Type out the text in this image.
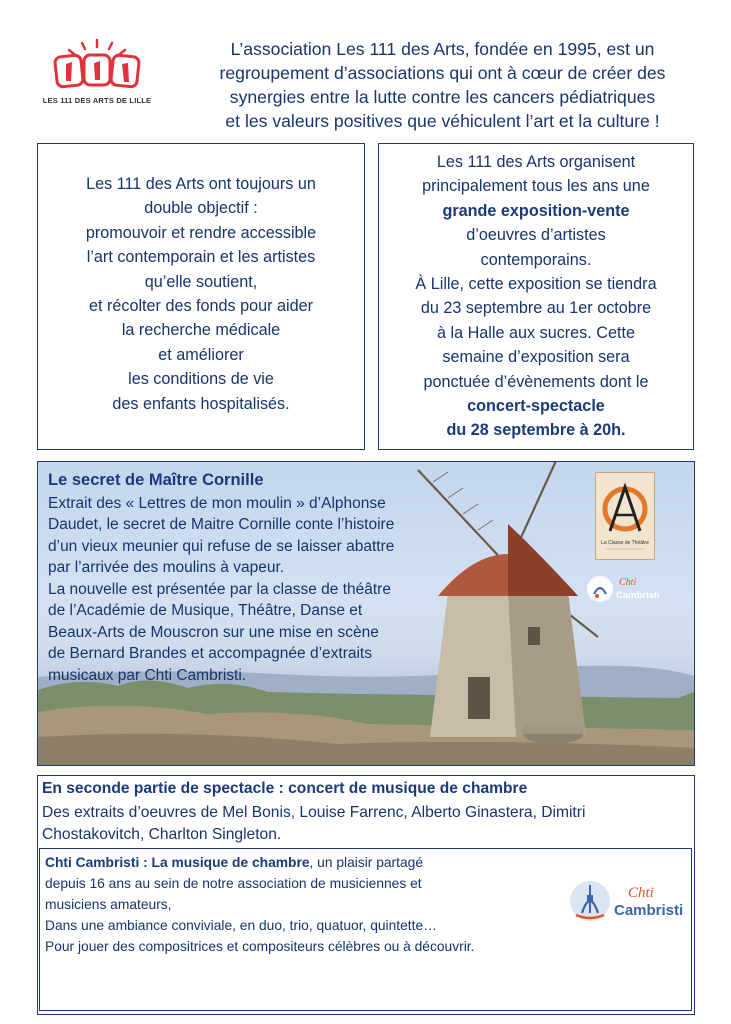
LES 111 DES ARTS DE LILLE
L’association Les 111 des Arts, fondée en 1995, est un
regroupement d’associations qui ont à cœur de créer des
synergies entre la lutte contre les cancers pédiatriques
et les valeurs positives que véhiculent l’art et la culture !
Les 111 des Arts ont toujours un
double objectif :
promouvoir et rendre accessible
l’art contemporain et les artistes
qu’elle soutient,
et récolter des fonds pour aider
la recherche médicale
et améliorer
les conditions de vie
des enfants hospitalisés.
Les 111 des Arts organisent
principalement tous les ans une
grande exposition-vente
d’oeuvres d’artistes
contemporains.
À Lille, cette exposition se tiendra
du 23 septembre au 1er octobre
à la Halle aux sucres. Cette
semaine d’exposition sera
ponctuée d’évènements dont le
concert-spectacle
du 28 septembre à 20h.
Le secret de Maître Cornille
Extrait des « Lettres de mon moulin » d’Alphonse
Daudet, le secret de Maitre Cornille conte l’histoire
d’un vieux meunier qui refuse de se laisser abattre
par l’arrivée des moulins à vapeur.
La nouvelle est présentée par la classe de théâtre
de l’Académie de Musique, Théâtre, Danse et
Beaux-Arts de Mouscron sur une mise en scène
de Bernard Brandes et accompagnée d’extraits
musicaux par Chti Cambristi.
La Classe de Théâtre
Chti
Cambristi
En seconde partie de spectacle : concert de musique de chambre
Des extraits d’oeuvres de Mel Bonis, Louise Farrenc, Alberto Ginastera, Dimitri
Chostakovitch, Charlton Singleton.
Chti Cambristi : La musique de chambre, un plaisir partagé
depuis 16 ans au sein de notre association de musiciennes et
musiciens amateurs,
Dans une ambiance conviviale, en duo, trio, quatuor, quintette…
Pour jouer des compositrices et compositeurs célèbres ou à découvrir.
Chti
Cambristi
